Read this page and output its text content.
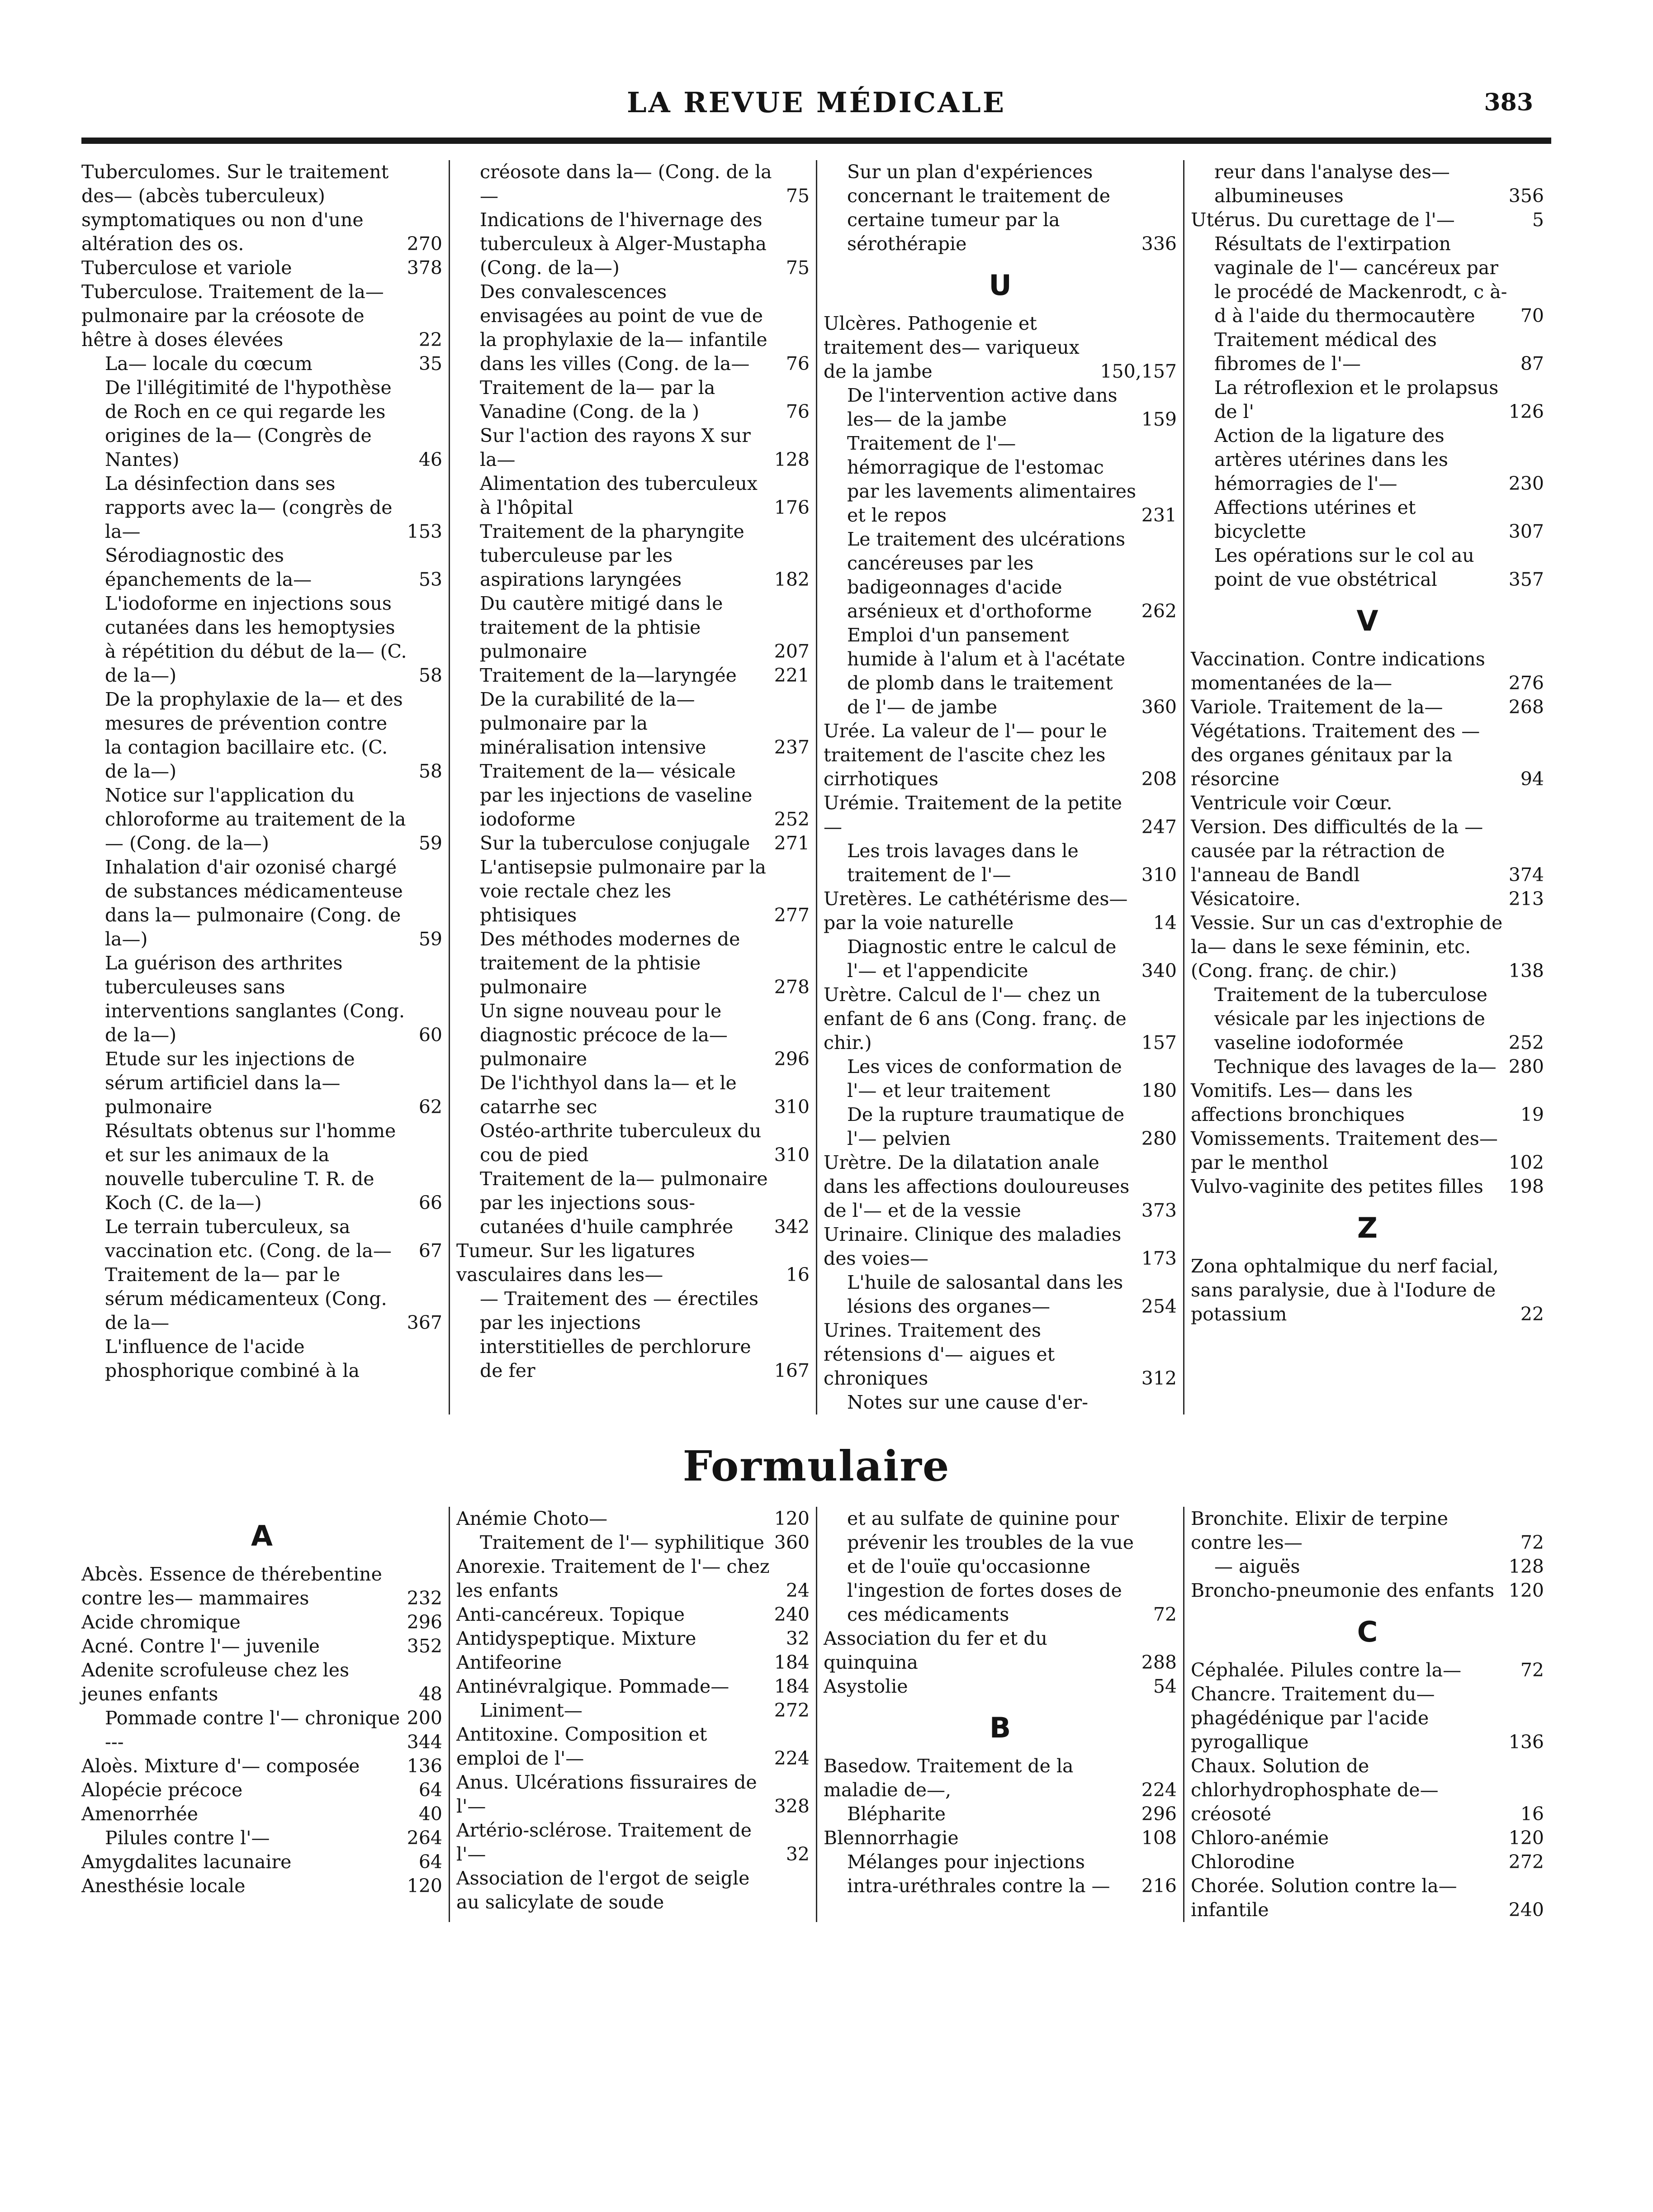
LA REVUE MÉDICALE	383
Tuberculomes. Sur le traitement des— (abcès tuberculeux) symptomatiques ou non d'une altération des os.	270
Tuberculose et variole	378
Tuberculose. Traitement de la— pulmonaire par la créosote de hêtre à doses élevées	22
La— locale du cœcum	35
De l'illégitimité de l'hypothèse de Roch en ce qui regarde les origines de la— (Congrès de Nantes)	46
La désinfection dans ses rapports avec la— (congrès de la—	153
Sérodiagnostic des épanchements de la—	53
L'iodoforme en injections sous cutanées dans les hemoptysies à répétition du début de la— (C. de la—)	58
De la prophylaxie de la— et des mesures de prévention contre la contagion bacillaire etc. (C. de la—)	58
Notice sur l'application du chloroforme au traitement de la— (Cong. de la—)	59
Inhalation d'air ozonisé chargé de substances médicamenteuse dans la— pulmonaire (Cong. de la—)	59
La guérison des arthrites tuberculeuses sans interventions sanglantes (Cong. de la—)	60
Etude sur les injections de sérum artificiel dans la— pulmonaire	62
Résultats obtenus sur l'homme et sur les animaux de la nouvelle tuberculine T. R. de Koch (C. de la—)	66
Le terrain tuberculeux, sa vaccination etc. (Cong. de la—	67
Traitement de la— par le sérum médicamenteux (Cong. de la—	367
L'influence de l'acide phosphorique combiné à la
créosote dans la— (Cong. de la—	75
Indications de l'hivernage des tuberculeux à Alger-Mustapha (Cong. de la—)	75
Des convalescences envisagées au point de vue de la prophylaxie de la— infantile dans les villes (Cong. de la—	76
Traitement de la— par la Vanadine (Cong. de la )	76
Sur l'action des rayons X sur la—	128
Alimentation des tuberculeux à l'hôpital	176
Traitement de la pharyngite tuberculeuse par les aspirations laryngées	182
Du cautère mitigé dans le traitement de la phtisie pulmonaire	207
Traitement de la—laryngée	221
De la curabilité de la— pulmonaire par la minéralisation intensive	237
Traitement de la— vésicale par les injections de vaseline iodoforme	252
Sur la tuberculose conjugale	271
L'antisepsie pulmonaire par la voie rectale chez les phtisiques	277
Des méthodes modernes de traitement de la phtisie pulmonaire	278
Un signe nouveau pour le diagnostic précoce de la— pulmonaire	296
De l'ichthyol dans la— et le catarrhe sec	310
Ostéo-arthrite tuberculeux du cou de pied	310
Traitement de la— pulmonaire par les injections sous-cutanées d'huile camphrée	342
Tumeur. Sur les ligatures vasculaires dans les—	16
— Traitement des — érectiles par les injections interstitielles de perchlorure de fer	167
Sur un plan d'expériences concernant le traitement de certaine tumeur par la sérothérapie	336
U
Ulcères. Pathogenie et traitement des— variqueux de la jambe	150,157
De l'intervention active dans les— de la jambe	159
Traitement de l'— hémorragique de l'estomac par les lavements alimentaires et le repos	231
Le traitement des ulcérations cancéreuses par les badigeonnages d'acide arsénieux et d'orthoforme	262
Emploi d'un pansement humide à l'alum et à l'acétate de plomb dans le traitement de l'— de jambe	360
Urée. La valeur de l'— pour le traitement de l'ascite chez les cirrhotiques	208
Urémie. Traitement de la petite—	247
Les trois lavages dans le traitement de l'—	310
Uretères. Le cathétérisme des— par la voie naturelle	14
Diagnostic entre le calcul de l'— et l'appendicite	340
Urètre. Calcul de l'— chez un enfant de 6 ans (Cong. franç. de chir.)	157
Les vices de conformation de l'— et leur traitement	180
De la rupture traumatique de l'— pelvien	280
Urètre. De la dilatation anale dans les affections douloureuses de l'— et de la vessie	373
Urinaire. Clinique des maladies des voies—	173
L'huile de salosantal dans les lésions des organes—	254
Urines. Traitement des rétensions d'— aigues et chroniques	312
Notes sur une cause d'er-
reur dans l'analyse des— albumineuses	356
Utérus. Du curettage de l'—	5
Résultats de l'extirpation vaginale de l'— cancéreux par le procédé de Mackenrodt, c à-d à l'aide du thermocautère	70
Traitement médical des fibromes de l'—	87
La rétroflexion et le prolapsus de l'	126
Action de la ligature des artères utérines dans les hémorragies de l'—	230
Affections utérines et bicyclette	307
Les opérations sur le col au point de vue obstétrical	357
V
Vaccination. Contre indications momentanées de la—	276
Variole. Traitement de la—	268
Végétations. Traitement des — des organes génitaux par la résorcine	94
Ventricule voir Cœur.
Version. Des difficultés de la — causée par la rétraction de l'anneau de Bandl	374
Vésicatoire.	213
Vessie. Sur un cas d'extrophie de la— dans le sexe féminin, etc. (Cong. franç. de chir.)	138
Traitement de la tuberculose vésicale par les injections de vaseline iodoformée	252
Technique des lavages de la— 280
Vomitifs. Les— dans les affections bronchiques	19
Vomissements. Traitement des— par le menthol	102
Vulvo-vaginite des petites filles	198
Z
Zona ophtalmique du nerf facial, sans paralysie, due à l'Iodure de potassium	22
Formulaire
A
Abcès. Essence de thérebentine contre les— mammaires	232
Acide chromique	296
Acné. Contre l'— juvenile	352
Adenite scrofuleuse chez les jeunes enfants	48
Pommade contre l'— chronique 200
---	344
Aloès. Mixture d'— composée	136
Alopécie précoce	64
Amenorrhée	40
Pilules contre l'—	264
Amygdalites lacunaire	64
Anesthésie locale	120
Anémie Choto—	120
Traitement de l'— syphilitique 360
Anorexie. Traitement de l'— chez les enfants	24
Anti-cancéreux. Topique	240
Antidyspeptique. Mixture	32
Antifeorine	184
Antinévralgique. Pommade—	184
Liniment—	272
Antitoxine. Composition et emploi de l'—	224
Anus. Ulcérations fissuraires de l'—	328
Artério-sclérose. Traitement de l'—	32
Association de l'ergot de seigle au salicylate de soude
et au sulfate de quinine pour prévenir les troubles de la vue et de l'ouïe qu'occasionne l'ingestion de fortes doses de ces médicaments	72
Association du fer et du quinquina	288
Asystolie	54
B
Basedow. Traitement de la maladie de—,	224
Blépharite	296
Blennorrhagie	108
Mélanges pour injections intra-uréthrales contre la —	216
Bronchite. Elixir de terpine contre les—	72
— aiguës	128
Broncho-pneumonie des enfants 120
C
Céphalée. Pilules contre la—	72
Chancre. Traitement du— phagédénique par l'acide pyrogallique	136
Chaux. Solution de chlorhydrophosphate de— créosoté	16
Chloro-anémie	120
Chlorodine	272
Chorée. Solution contre la— infantile	240
